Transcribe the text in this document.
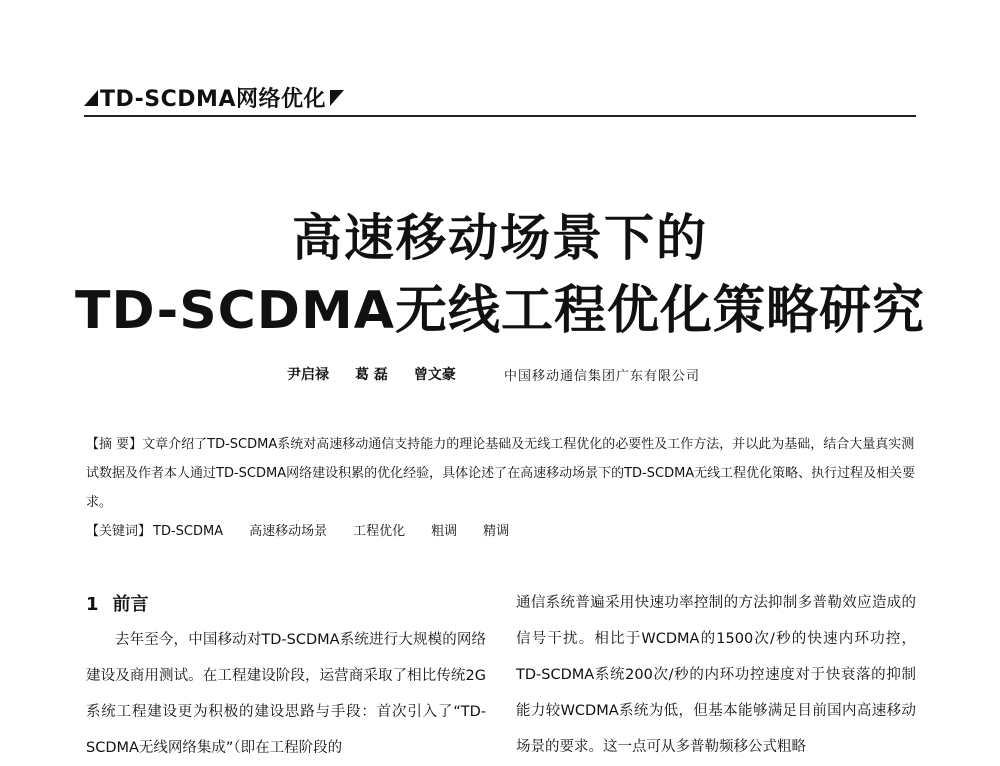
TD-SCDMA网络优化
高速移动场景下的
TD-SCDMA无线工程优化策略研究
尹启禄 葛 磊 曾文豪	中国移动通信集团广东有限公司

【摘 要】文章介绍了TD-SCDMA系统对高速移动通信支持能力的理论基础及无线工程优化的必要性及工作方法，并以此为基础，结合大量真实测试数据及作者本人通过TD-SCDMA网络建设积累的优化经验，具体论述了在高速移动场景下的TD-SCDMA无线工程优化策略、执行过程及相关要求。

【关键词】 TD-SCDMA 高速移动场景 工程优化 粗调 精调

1 前言

去年至今，中国移动对TD-SCDMA系统进行大规模的网络建设及商用测试。在工程建设阶段，运营商采取了相比传统2G系统工程建设更为积极的建设思路与手段：首次引入了“TD-SCDMA无线网络集成”（即在工程阶段的

通信系统普遍采用快速功率控制的方法抑制多普勒效应造成的信号干扰。相比于WCDMA的1500次/秒的快速内环功控，TD-SCDMA系统200次/秒的内环功控速度对于快衰落的抑制能力较WCDMA系统为低，但基本能够满足目前国内高速移动场景的要求。这一点可从多普勒频移公式粗略
